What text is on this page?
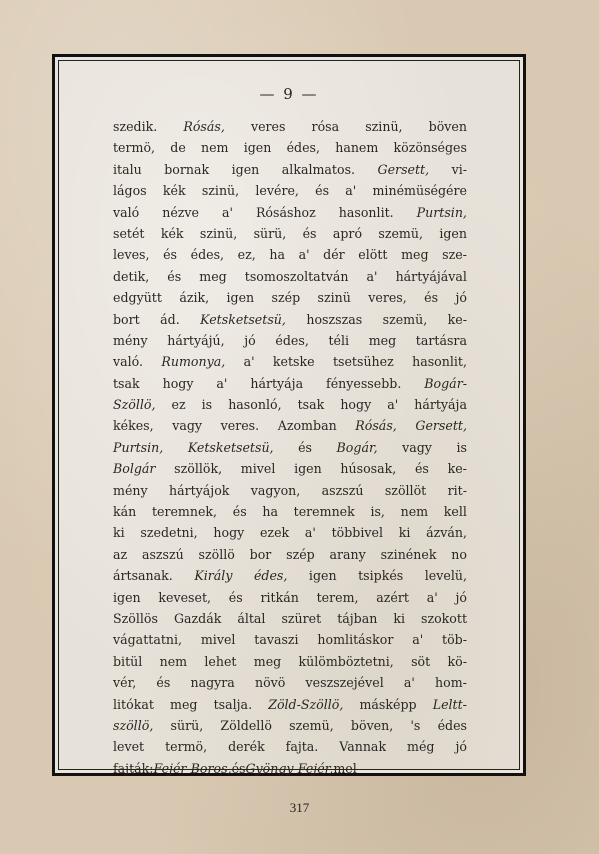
— 9 —
szedik. Rósás, veres rósa szinü, böven
termö, de nem igen édes, hanem közönséges
italu bornak igen alkalmatos. Gersett, vi-
lágos kék szinü, levére, és a' minémüségére
való nézve a' Rósáshoz hasonlit. Purtsin,
setét kék szinü, sürü, és apró szemü, igen
leves, és édes, ez, ha a' dér elött meg sze-
detik, és meg tsomoszoltatván a' hártyájával
edgyütt ázik, igen szép szinü veres, és jó
bort ád. Ketsketsetsü, hoszszas szemü, ke-
mény hártyájú, jó édes, téli meg tartásra
való. Rumonya, a' ketske tsetsühez hasonlit,
tsak hogy a' hártyája fényessebb. Bogár-
Szöllö, ez is hasonló, tsak hogy a' hártyája
kékes, vagy veres. Azomban Rósás, Gersett,
Purtsin, Ketsketsetsü, és Bogár, vagy is
Bolgár szöllök, mivel igen húsosak, és ke-
mény hártyájok vagyon, aszszú szöllöt rit-
kán teremnek, és ha teremnek is, nem kell
ki szedetni, hogy ezek a' többivel ki ázván,
az aszszú szöllö bor szép arany szinének no
ártsanak. Király édes, igen tsipkés levelü,
igen keveset, és ritkán terem, azért a' jó
Szöllös Gazdák által szüret tájban ki szokott
vágattatni, mivel tavaszi homlitáskor a' töb-
bitül nem lehet meg külömböztetni, söt kö-
vér, és nagyra növö veszszejével a' hom-
litókat meg tsalja. Zöld-Szöllö, másképp Leltt-
szöllö, sürü, Zöldellö szemü, böven, 's édes
levet termö, derék fajta. Vannak még jó
fajták: Fejér-Boros, és Gyöngy-Fejér, mel-
317
